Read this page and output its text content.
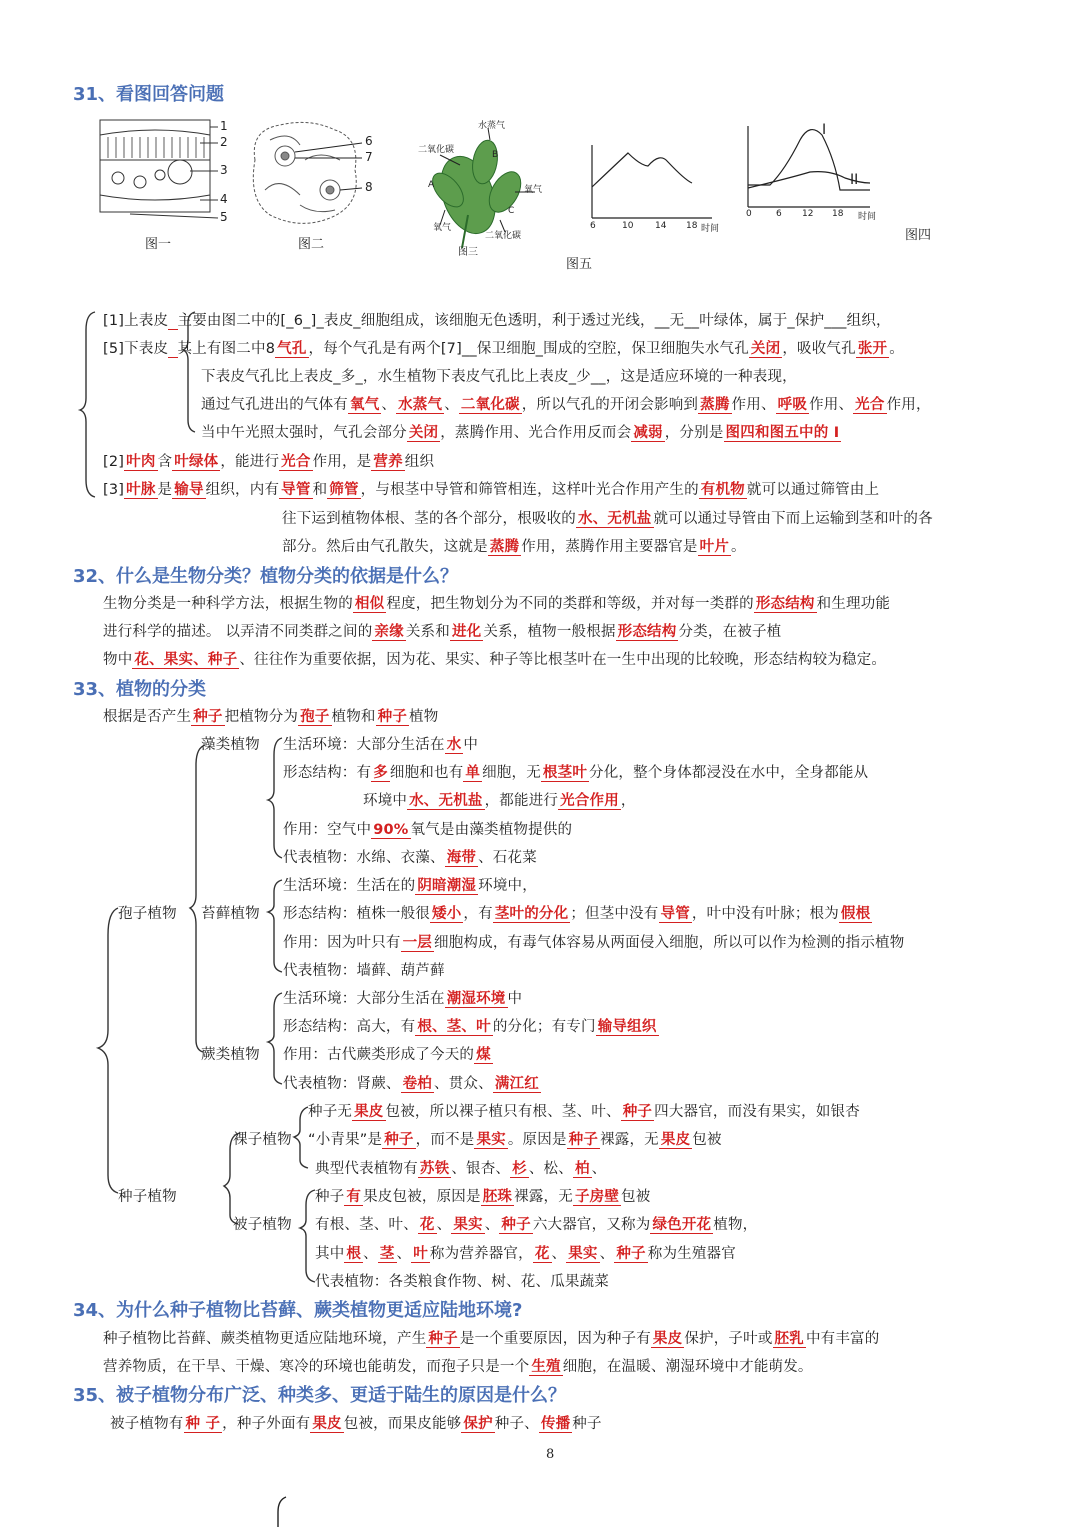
31、看图回答问题
32、什么是生物分类？植物分类的依据是什么？
33、植物的分类
34、为什么种子植物比苔藓、蕨类植物更适应陆地环境?
35、被子植物分布广泛、种类多、更适于陆生的原因是什么？
1
2
3
4
5
6
7
8
水蒸气
二氧化碳	B
A	氧气
C
氧气
二氧化碳
6	10 14 18 时间
0	6 12 18 时间
I
II
图一	图二
图三
图五
图四
[1]上表皮 主要由图二中的[_6_]_表皮_细胞组成，该细胞无色透明，利于透过光线，__无__叶绿体，属于_保护___组织，
[5]下表皮 其上有图二中8 气孔 ，每个气孔是有两个[7]__保卫细胞_围成的空腔，保卫细胞失水气孔 关闭 ，吸收气孔 张开 。
下表皮气孔比上表皮_多_，水生植物下表皮气孔比上表皮_少__，这是适应环境的一种表现，
通过气孔进出的气体有 氧气 、 水蒸气 、 二氧化碳 ，所以气孔的开闭会影响到 蒸腾 作用、 呼吸 作用、 光合 作用，
当中午光照太强时，气孔会部分 关闭 ，蒸腾作用、光合作用反而会 减弱 ，分别是 图四和图五中的 I
[2] 叶肉 含 叶绿体 ，能进行 光合 作用，是 营养 组织
[3] 叶脉 是 输导 组织，内有 导管 和 筛管 ，与根茎中导管和筛管相连，这样叶光合作用产生的 有机物 就可以通过筛管由上
往下运到植物体根、茎的各个部分，根吸收的 水、无机盐 就可以通过导管由下而上运输到茎和叶的各
部分。然后由气孔散失，这就是 蒸腾 作用，蒸腾作用主要器官是 叶片 。
生物分类是一种科学方法，根据生物的 相似 程度，把生物划分为不同的类群和等级，并对每一类群的 形态结构 和生理功能
进行科学的描述。 以弄清不同类群之间的 亲缘 关系和 进化 关系，植物一般根据 形态结构 分类，在被子植
物中 花、果实、种子 、往往作为重要依据，因为花、果实、种子等比根茎叶在一生中出现的比较晚，形态结构较为稳定。
根据是否产生 种子 把植物分为 孢子 植物和 种子 植物
孢子植物
种子植物
藻类植物
苔藓植物
蕨类植物
裸子植物
被子植物
生活环境：大部分生活在 水 中
形态结构：有 多 细胞和也有 单 细胞，无 根茎叶 分化，整个身体都浸没在水中，全身都能从
环境中 水、无机盐 ，都能进行 光合作用 ，
作用：空气中 90% 氧气是由藻类植物提供的
代表植物：水绵、衣藻、 海带 、石花菜
生活环境：生活在的 阴暗潮湿 环境中，
形态结构：植株一般很 矮小 ，有 茎叶的分化 ；但茎中没有 导管 ，叶中没有叶脉；根为 假根
作用：因为叶只有 一层 细胞构成，有毒气体容易从两面侵入细胞，所以可以作为检测的指示植物
代表植物：墙藓、葫芦藓
生活环境：大部分生活在 潮湿环境 中
形态结构：高大，有 根、茎、叶 的分化；有专门 输导组织
作用：古代蕨类形成了今天的 煤
代表植物：肾蕨、 卷柏 、贯众、 满江红
种子无 果皮 包被，所以裸子植只有根、茎、叶、 种子 四大器官，而没有果实，如银杏
“小青果”是 种子 ，而不是 果实 。原因是 种子 裸露，无 果皮 包被
典型代表植物有 苏铁 、银杏、 杉 、松、 柏 、
种子 有 果皮包被，原因是 胚珠 裸露，无 子房壁 包被
有根、茎、叶、 花 、 果实 、 种子 六大器官，又称为 绿色开花 植物，
其中 根 、 茎 、 叶 称为营养器官， 花 、 果实 、 种子 称为生殖器官
代表植物：各类粮食作物、树、花、瓜果蔬菜
种子植物比苔藓、蕨类植物更适应陆地环境，产生 种子 是一个重要原因，因为种子有 果皮 保护，子叶或 胚乳 中有丰富的
营养物质，在干旱、干燥、寒冷的环境也能萌发，而孢子只是一个 生殖 细胞，在温暖、潮湿环境中才能萌发。
被子植物有 种 子 ，种子外面有 果皮 包被，而果皮能够 保护 种子、 传播 种子
8
